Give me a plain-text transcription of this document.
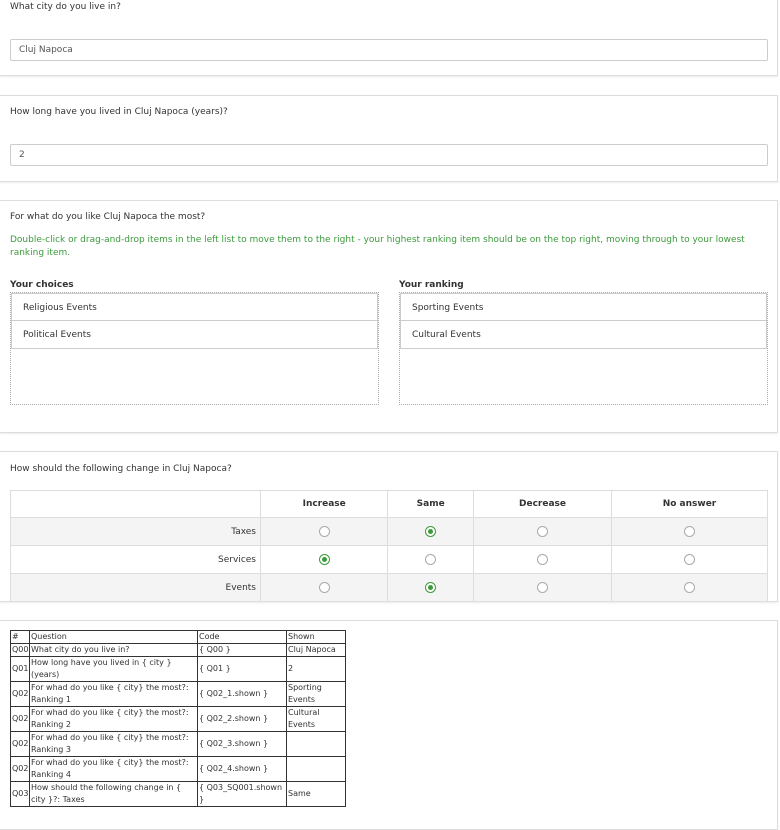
What city do you live in?
Cluj Napoca
How long have you lived in Cluj Napoca (years)?
2
For what do you like Cluj Napoca the most?
Double-click or drag-and-drop items in the left list to move them to the right - your highest ranking item should be on the top right, moving through to your lowest ranking item.
Your choices	Your ranking
Religious Events
Political Events
Sporting Events
Cultural Events
How should the following change in Cluj Napoca?
	Increase	Same	Decrease	No answer
Taxes				
Services				
Events				
#	Question	Code	Shown
Q00	What city do you live in?	{ Q00 }	Cluj Napoca
Q01	How long have you lived in { city } (years)	{ Q01 }	2
Q02	For whad do you like { city} the most?: Ranking 1	{ Q02_1.shown }	Sporting Events
Q02	For whad do you like { city} the most?: Ranking 2	{ Q02_2.shown }	Cultural Events
Q02	For whad do you like { city} the most?: Ranking 3	{ Q02_3.shown }	
Q02	For whad do you like { city} the most?: Ranking 4	{ Q02_4.shown }	
Q03	How should the following change in { city }?: Taxes	{ Q03_SQ001.shown }	Same
